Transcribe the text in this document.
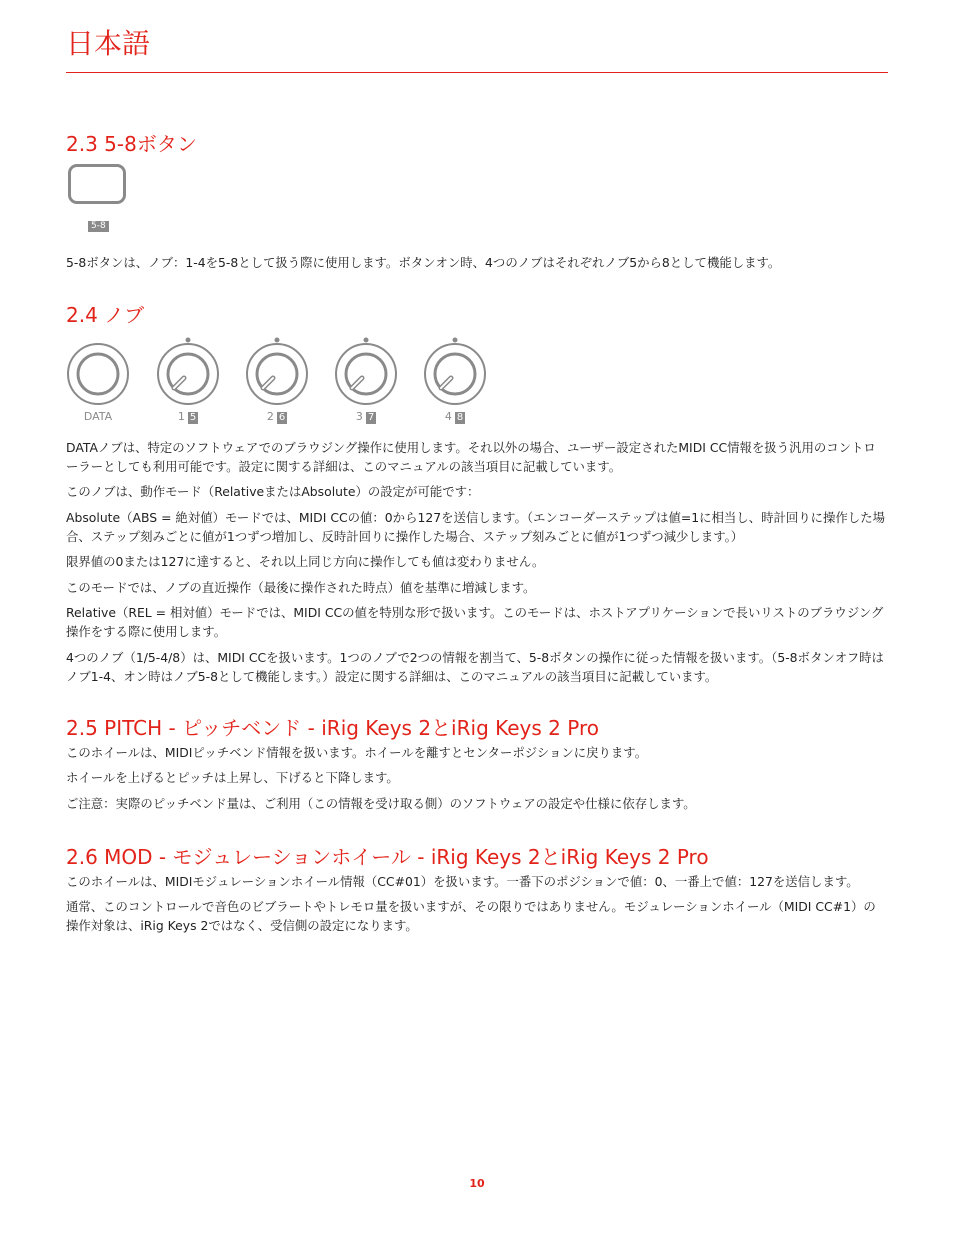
日本語
2.3 5-8ボタン
5-8

5-8ボタンは、ノブ：1-4を5-8として扱う際に使用します。ボタンオン時、4つのノブはそれぞれノブ5から8として機能します。

2.4 ノブ
DATA	1 5	2 6	3 7	4 8

DATAノブは、特定のソフトウェアでのブラウジング操作に使用します。それ以外の場合、ユーザー設定されたMIDI CC情報を扱う汎用のコントローラーとしても利用可能です。設定に関する詳細は、このマニュアルの該当項目に記載しています。

このノブは、動作モード（RelativeまたはAbsolute）の設定が可能です：

Absolute（ABS = 絶対値）モードでは、MIDI CCの値：0から127を送信します。（エンコーダーステップは値=1に相当し、時計回りに操作した場合、ステップ刻みごとに値が1つずつ増加し、反時計回りに操作した場合、ステップ刻みごとに値が1つずつ減少します。）

限界値の0または127に達すると、それ以上同じ方向に操作しても値は変わりません。

このモードでは、ノブの直近操作（最後に操作された時点）値を基準に増減します。

Relative（REL = 相対値）モードでは、MIDI CCの値を特別な形で扱います。このモードは、ホストアプリケーションで長いリストのブラウジング操作をする際に使用します。

4つのノブ（1/5-4/8）は、MIDI CCを扱います。1つのノブで2つの情報を割当て、5-8ボタンの操作に従った情報を扱います。（5-8ボタンオフ時はノブ1-4、オン時はノブ5-8として機能します。）設定に関する詳細は、このマニュアルの該当項目に記載しています。

2.5 PITCH - ピッチベンド - iRig Keys 2とiRig Keys 2 Pro

このホイールは、MIDIピッチベンド情報を扱います。ホイールを離すとセンターポジションに戻ります。

ホイールを上げるとピッチは上昇し、下げると下降します。

ご注意：実際のピッチベンド量は、ご利用（この情報を受け取る側）のソフトウェアの設定や仕様に依存します。

2.6 MOD - モジュレーションホイール - iRig Keys 2とiRig Keys 2 Pro

このホイールは、MIDIモジュレーションホイール情報（CC#01）を扱います。一番下のポジションで値：0、一番上で値：127を送信します。

通常、このコントロールで音色のビブラートやトレモロ量を扱いますが、その限りではありません。モジュレーションホイール（MIDI CC#1）の操作対象は、iRig Keys 2ではなく、受信側の設定になります。

10
